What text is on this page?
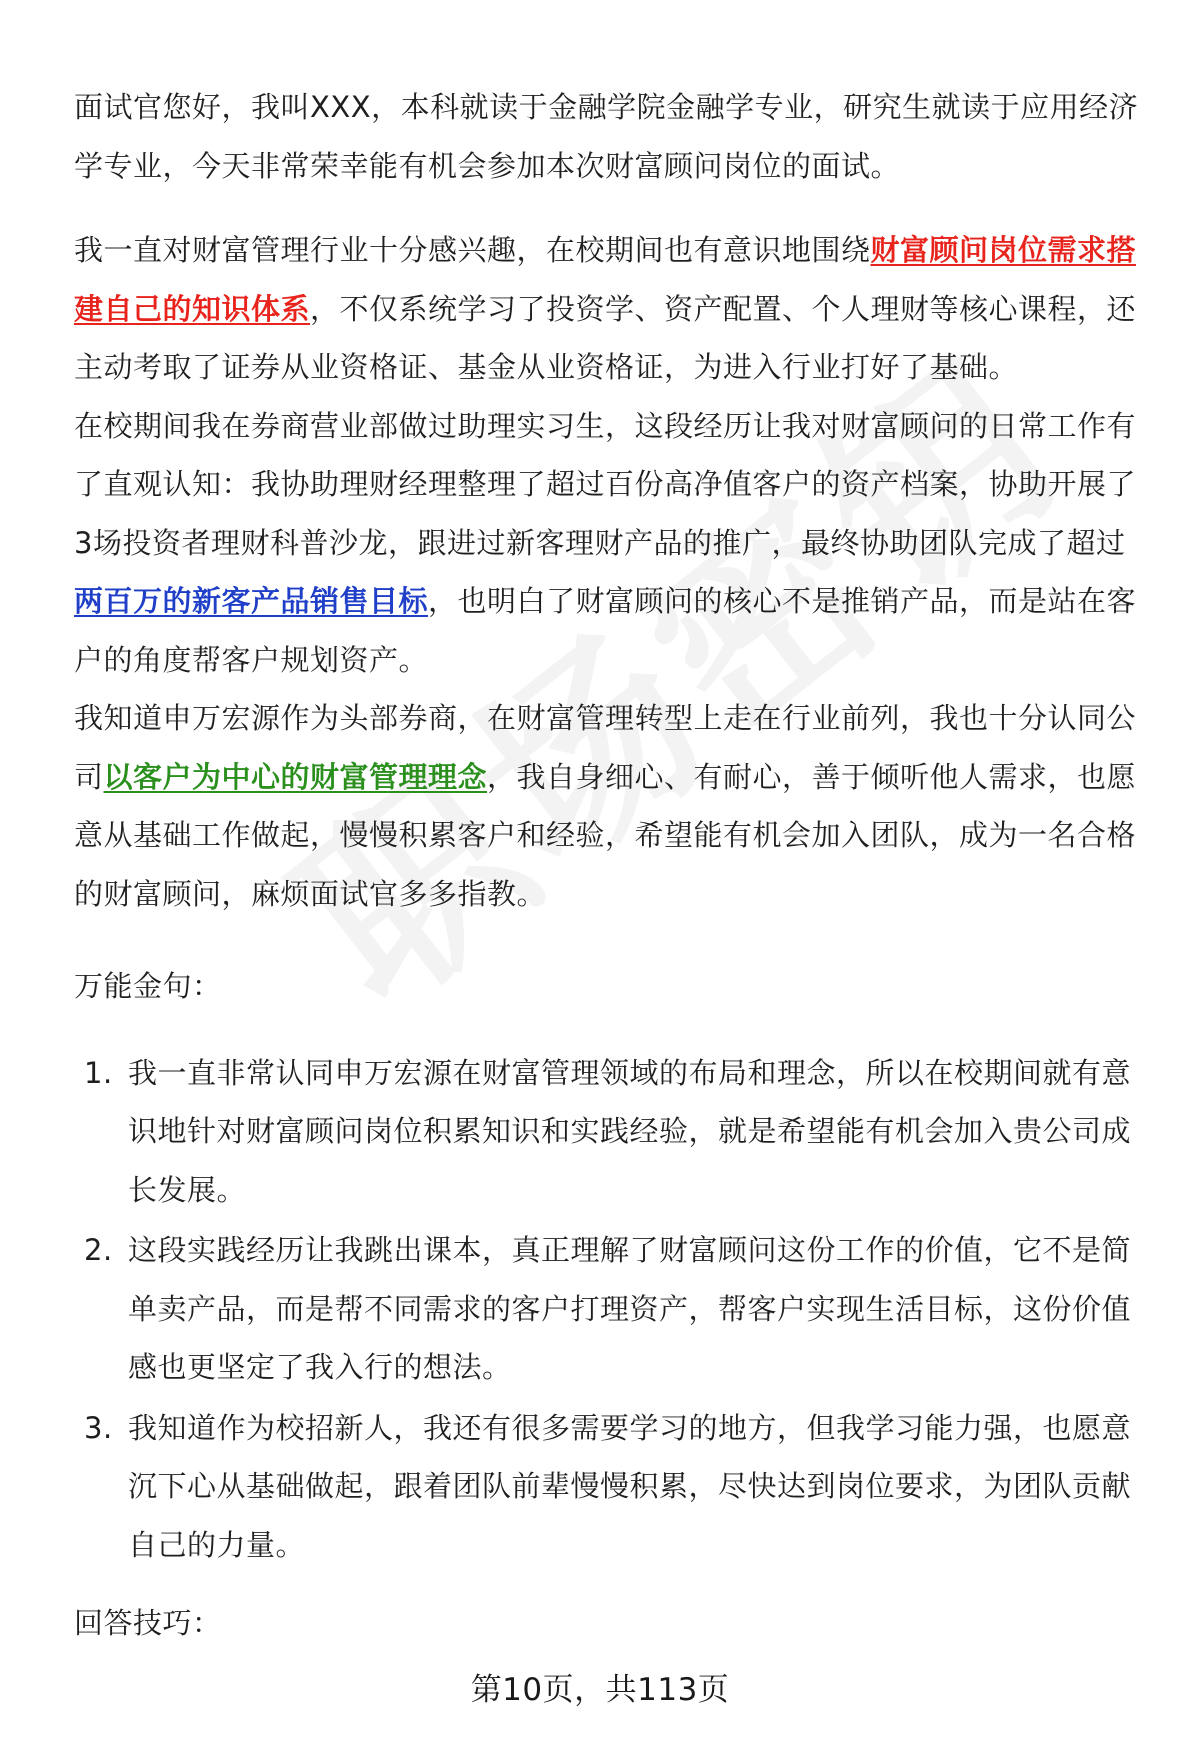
面试官您好，我叫XXX，本科就读于金融学院金融学专业，研究生就读于应用经济学专业，今天非常荣幸能有机会参加本次财富顾问岗位的面试。

我一直对财富管理行业十分感兴趣，在校期间也有意识地围绕财富顾问岗位需求搭建自己的知识体系，不仅系统学习了投资学、资产配置、个人理财等核心课程，还主动考取了证券从业资格证、基金从业资格证，为进入行业打好了基础。

在校期间我在券商营业部做过助理实习生，这段经历让我对财富顾问的日常工作有了直观认知：我协助理财经理整理了超过百份高净值客户的资产档案，协助开展了3场投资者理财科普沙龙，跟进过新客理财产品的推广，最终协助团队完成了超过两百万的新客产品销售目标，也明白了财富顾问的核心不是推销产品，而是站在客户的角度帮客户规划资产。

我知道申万宏源作为头部券商，在财富管理转型上走在行业前列，我也十分认同公司以客户为中心的财富管理理念，我自身细心、有耐心，善于倾听他人需求，也愿意从基础工作做起，慢慢积累客户和经验，希望能有机会加入团队，成为一名合格的财富顾问，麻烦面试官多多指教。

万能金句：

1. 我一直非常认同申万宏源在财富管理领域的布局和理念，所以在校期间就有意识地针对财富顾问岗位积累知识和实践经验，就是希望能有机会加入贵公司成长发展。
2. 这段实践经历让我跳出课本，真正理解了财富顾问这份工作的价值，它不是简单卖产品，而是帮不同需求的客户打理资产，帮客户实现生活目标，这份价值感也更坚定了我入行的想法。
3. 我知道作为校招新人，我还有很多需要学习的地方，但我学习能力强，也愿意沉下心从基础做起，跟着团队前辈慢慢积累，尽快达到岗位要求，为团队贡献自己的力量。

回答技巧：

第10页，共113页
